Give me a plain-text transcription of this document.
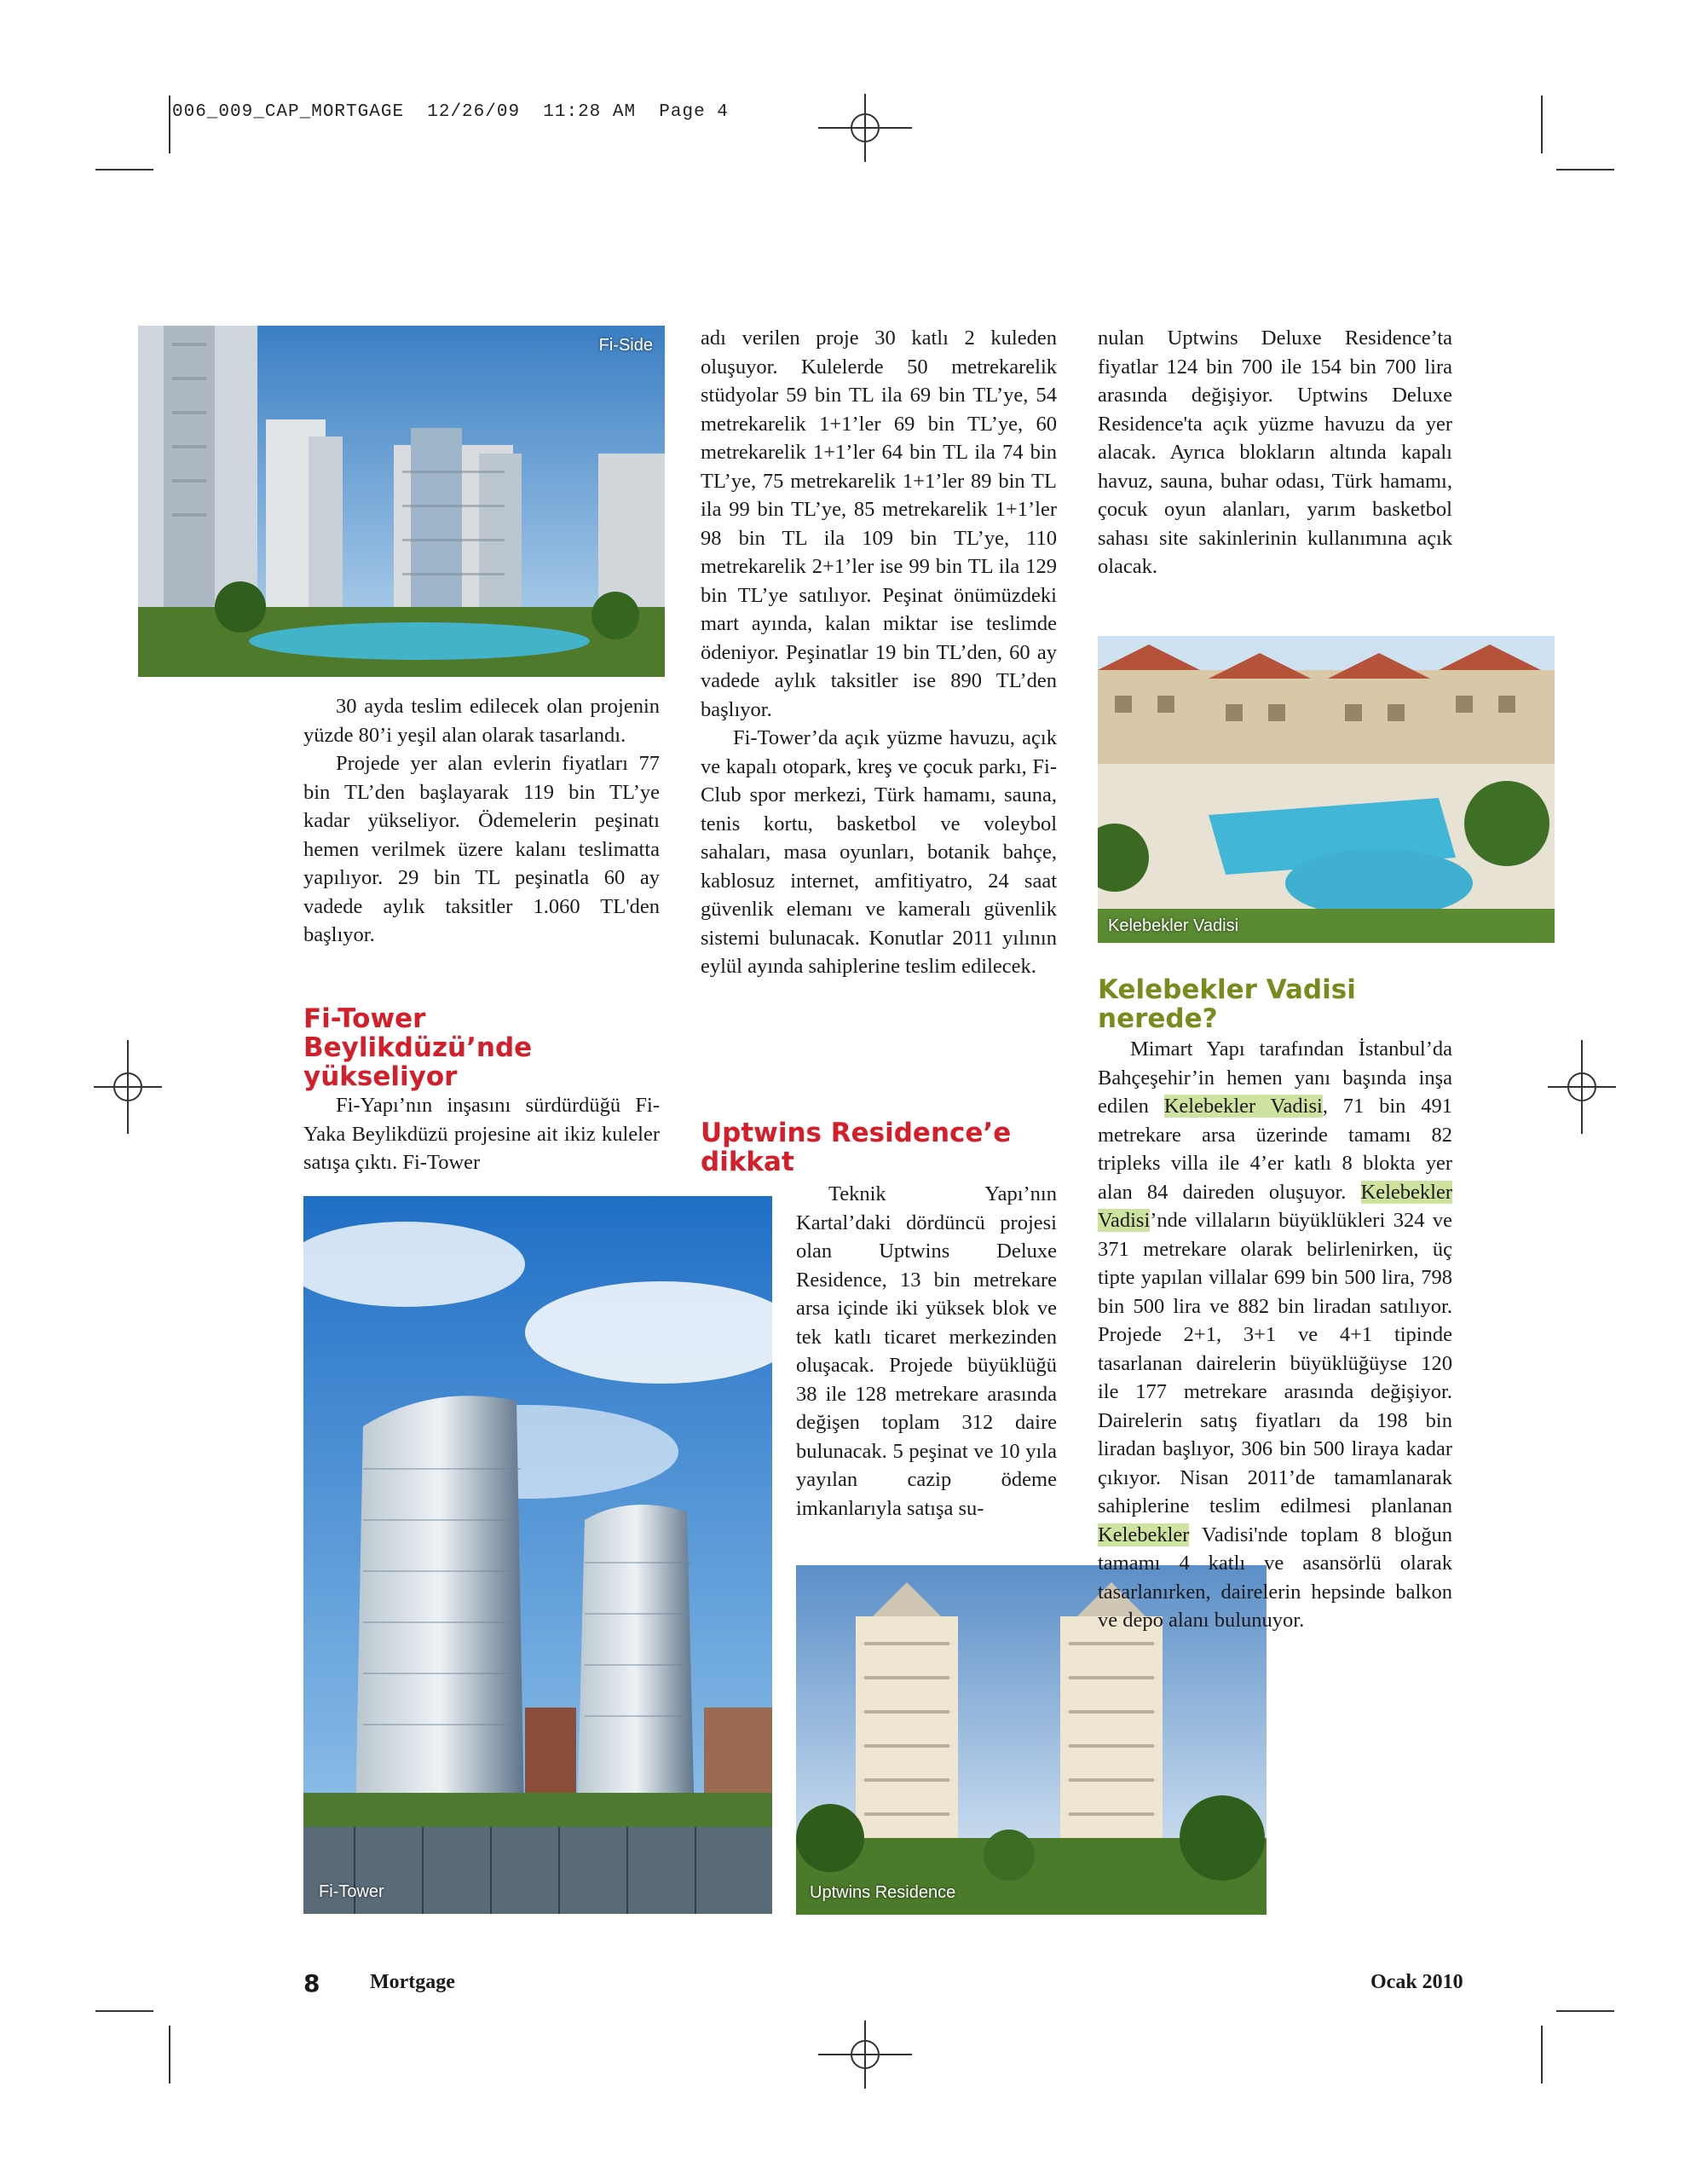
006_009_CAP_MORTGAGE  12/26/09  11:28 AM  Page 4
Fi-Side

30 ayda teslim edilecek olan projenin yüzde 80’i yeşil alan olarak tasarlandı.

Projede yer alan evlerin fiyatları 77 bin TL’den başlayarak 119 bin TL’ye kadar yükseliyor. Ödemelerin peşinatı hemen verilmek üzere kalanı teslimatta yapılıyor. 29 bin TL peşinatla 60 ay vadede aylık taksitler 1.060 TL'den başlıyor.

Fi-Tower Beylikdüzü’nde yükseliyor

Fi-Yapı’nın inşasını sürdürdüğü Fi-Yaka Beylikdüzü projesine ait ikiz kuleler satışa çıktı. Fi-Tower

Fi-Tower

adı verilen proje 30 katlı 2 kuleden oluşuyor. Kulelerde 50 metrekarelik stüdyolar 59 bin TL ila 69 bin TL’ye, 54 metrekarelik 1+1’ler 69 bin TL’ye, 60 metrekarelik 1+1’ler 64 bin TL ila 74 bin TL’ye, 75 metrekarelik 1+1’ler 89 bin TL ila 99 bin TL’ye, 85 metrekarelik 1+1’ler 98 bin TL ila 109 bin TL’ye, 110 metrekarelik 2+1’ler ise 99 bin TL ila 129 bin TL’ye satılıyor. Peşinat önümüzdeki mart ayında, kalan miktar ise teslimde ödeniyor. Peşinatlar 19 bin TL’den, 60 ay vadede aylık taksitler ise 890 TL’den başlıyor.

Fi-Tower’da açık yüzme havuzu, açık ve kapalı otopark, kreş ve çocuk parkı, Fi-Club spor merkezi, Türk hamamı, sauna, tenis kortu, basketbol ve voleybol sahaları, masa oyunları, botanik bahçe, kablosuz internet, amfitiyatro, 24 saat güvenlik elemanı ve kameralı güvenlik sistemi bulunacak. Konutlar 2011 yılının eylül ayında sahiplerine teslim edilecek.

Uptwins Residence’e dikkat

Teknik Yapı’nın Kartal’daki dördüncü projesi olan Uptwins Deluxe Residence, 13 bin metrekare arsa içinde iki yüksek blok ve tek katlı ticaret merkezinden oluşacak. Projede büyüklüğü 38 ile 128 metrekare arasında değişen toplam 312 daire bulunacak. 5 peşinat ve 10 yıla yayılan cazip ödeme imkanlarıyla satışa su-

Uptwins Residence

nulan Uptwins Deluxe Residence’ta fiyatlar 124 bin 700 ile 154 bin 700 lira arasında değişiyor. Uptwins Deluxe Residence'ta açık yüzme havuzu da yer alacak. Ayrıca blokların altında kapalı havuz, sauna, buhar odası, Türk hamamı, çocuk oyun alanları, yarım basketbol sahası site sakinlerinin kullanımına açık olacak.

Kelebekler Vadisi
Kelebekler Vadisi nerede?

Mimart Yapı tarafından İstanbul’da Bahçeşehir’in hemen yanı başında inşa edilen Kelebekler Vadisi, 71 bin 491 metrekare arsa üzerinde tamamı 82 tripleks villa ile 4’er katlı 8 blokta yer alan 84 daireden oluşuyor. Kelebekler Vadisi’nde villaların büyüklükleri 324 ve 371 metrekare olarak belirlenirken, üç tipte yapılan villalar 699 bin 500 lira, 798 bin 500 lira ve 882 bin liradan satılıyor. Projede 2+1, 3+1 ve 4+1 tipinde tasarlanan dairelerin büyüklüğüyse 120 ile 177 metrekare arasında değişiyor. Dairelerin satış fiyatları da 198 bin liradan başlıyor, 306 bin 500 liraya kadar çıkıyor. Nisan 2011’de tamamlanarak sahiplerine teslim edilmesi planlanan Kelebekler Vadisi'nde toplam 8 bloğun tamamı 4 katlı ve asansörlü olarak tasarlanırken, dairelerin hepsinde balkon ve depo alanı bulunuyor.

8 Mortgage	Ocak 2010
